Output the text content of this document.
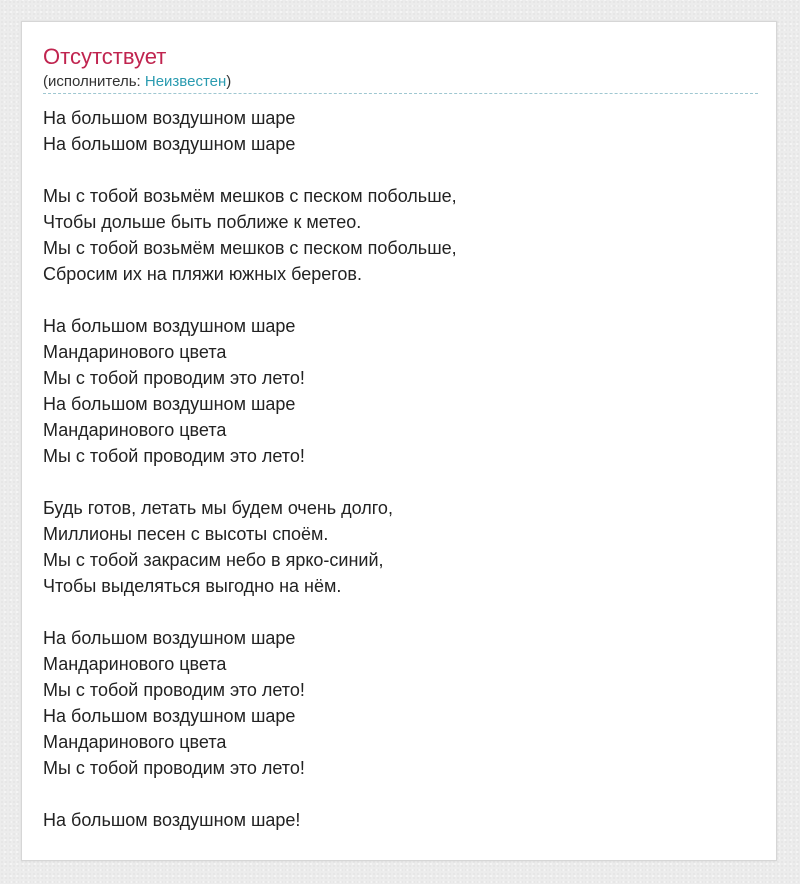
Отсутствует
(исполнитель: Неизвестен)
На большом воздушном шаре
На большом воздушном шаре
Мы с тобой возьмём мешков с песком побольше,
Чтобы дольше быть поближе к метео.
Мы с тобой возьмём мешков с песком побольше,
Сбросим их на пляжи южных берегов.
На большом воздушном шаре
Мандаринового цвета
Мы с тобой проводим это лето!
На большом воздушном шаре
Мандаринового цвета
Мы с тобой проводим это лето!
Будь готов, летать мы будем очень долго,
Миллионы песен с высоты споём.
Мы с тобой закрасим небо в ярко-синий,
Чтобы выделяться выгодно на нём.
На большом воздушном шаре
Мандаринового цвета
Мы с тобой проводим это лето!
На большом воздушном шаре
Мандаринового цвета
Мы с тобой проводим это лето!
На большом воздушном шаре!
